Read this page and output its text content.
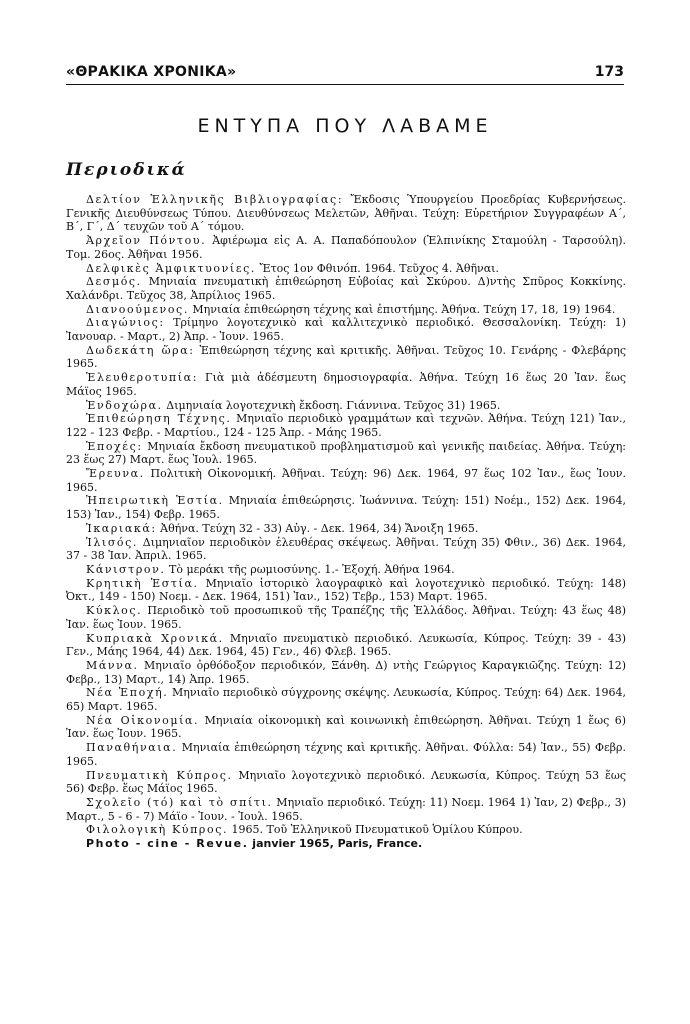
«ΘΡΑΚΙΚΑ ΧΡΟΝΙΚΑ»	173
ΕΝΤΥΠΑ ΠΟΥ ΛΑΒΑΜΕ
Περιοδικά
Δελτίον Ἑλληνικῆς Βιβλιογραφίας: Ἔκδοσις Ὑπουργείου Προεδρίας Κυβερνήσεως. Γενικῆς Διευθύνσεως Τύπου. Διευθύνσεως Μελετῶν, Ἀθῆναι. Τεύχη: Εὑρετήριον Συγγραφέων Α΄, Β΄, Γ΄, Δ΄ τευχῶν τοῦ Α΄ τόμου.
Ἀρχεῖον Πόντου. Ἀφιέρωμα εἰς Α. Α. Παπαδόπουλον (Ἐλπινίκης Σταμούλη - Ταρσούλη). Τομ. 26ος. Ἀθῆναι 1956.
Δελφικὲς Ἀμφικτυονίες. Ἔτος 1ον Φθινόπ. 1964. Τεῦχος 4. Ἀθῆναι.
Δεσμός. Μηνιαία πνευματικὴ ἐπιθεώρηση Εὐβοίας καὶ Σκύρου. Δ)ντὴς Σπῦρος Κοκκίνης. Χαλάνδρι. Τεῦχος 38, Ἀπρίλιος 1965.
Διανοούμενος. Μηνιαία ἐπιθεώρηση τέχνης καὶ ἐπιστήμης. Ἀθήνα. Τεύχη 17, 18, 19) 1964.
Διαγώνιος: Τρίμηνο λογοτεχνικὸ καὶ καλλιτεχνικὸ περιοδικό. Θεσσαλονίκη. Τεύχη: 1) Ἰανουαρ. - Μαρτ., 2) Ἀπρ. - Ἰουν. 1965.
Δωδεκάτη ὥρα: Ἐπιθεώρηση τέχνης καὶ κριτικῆς. Ἀθῆναι. Τεῦχος 10. Γενάρης - Φλεβάρης 1965.
Ἐλευθεροτυπία: Γιὰ μιὰ ἀδέσμευτη δημοσιογραφία. Ἀθήνα. Τεύχη 16 ἕως 20 Ἰαν. ἕως Μάϊος 1965.
Ἐνδοχώρα. Διμηνιαία λογοτεχνικὴ ἔκδοση. Γιάννινα. Τεῦχος 31) 1965.
Ἐπιθεώρηση Τέχνης. Μηνιαῖο περιοδικὸ γραμμάτων καὶ τεχνῶν. Ἀθήνα. Τεύχη 121) Ἰαν., 122 - 123 Φεβρ. - Μαρτίου., 124 - 125 Ἀπρ. - Μάης 1965.
Ἐποχές: Μηνιαία ἔκδοση πνευματικοῦ προβληματισμοῦ καὶ γενικῆς παιδείας. Ἀθήνα. Τεύχη: 23 ἕως 27) Μαρτ. ἕως Ἰουλ. 1965.
Ἔρευνα. Πολιτικὴ Οἰκονομική. Ἀθῆναι. Τεύχη: 96) Δεκ. 1964, 97 ἕως 102 Ἰαν., ἕως Ἰουν. 1965.
Ἠπειρωτικὴ Ἑστία. Μηνιαία ἐπιθεώρησις. Ἰωάννινα. Τεύχη: 151) Νοέμ., 152) Δεκ. 1964, 153) Ἰαν., 154) Φεβρ. 1965.
Ἰκαριακά: Ἀθήνα. Τεύχη 32 - 33) Αὐγ. - Δεκ. 1964, 34) Ἄνοιξη 1965.
Ἰλισός. Διμηνιαῖον περιοδικὸν ἐλευθέρας σκέψεως. Ἀθῆναι. Τεύχη 35) Φθιν., 36) Δεκ. 1964, 37 - 38 Ἰαν. Ἀπριλ. 1965.
Κάνιστρον. Τὸ μεράκι τῆς ρωμιοσύνης. 1.- Ἐξοχή. Ἀθήνα 1964.
Κρητικὴ Ἑστία. Μηνιαῖο ἱστορικὸ λαογραφικὸ καὶ λογοτεχνικὸ περιοδικό. Τεύχη: 148) Ὀκτ., 149 - 150) Νοεμ. - Δεκ. 1964, 151) Ἰαν., 152) Τεβρ., 153) Μαρτ. 1965.
Κύκλος. Περιοδικὸ τοῦ προσωπικοῦ τῆς Τραπέζης τῆς Ἑλλάδος. Ἀθῆναι. Τεύχη: 43 ἕως 48) Ἰαν. ἕως Ἰουν. 1965.
Κυπριακὰ Χρονικά. Μηνιαῖο πνευματικὸ περιοδικό. Λευκωσία, Κύπρος. Τεύχη: 39 - 43) Γεν., Μάης 1964, 44) Δεκ. 1964, 45) Γεν., 46) Φλεβ. 1965.
Μάννα. Μηνιαῖο ὀρθόδοξον περιοδικόν, Ξάνθη. Δ) ντὴς Γεώργιος Καραγκιῶζης. Τεύχη: 12) Φεβρ., 13) Μαρτ., 14) Ἀπρ. 1965.
Νέα Ἐποχή. Μηνιαῖο περιοδικὸ σύγχρονης σκέψης. Λευκωσία, Κύπρος. Τεύχη: 64) Δεκ. 1964, 65) Μαρτ. 1965.
Νέα Οἰκονομία. Μηνιαία οἰκονομικὴ καὶ κοινωνικὴ ἐπιθεώρηση. Ἀθῆναι. Τεύχη 1 ἕως 6) Ἰαν. ἕως Ἰουν. 1965.
Παναθήναια. Μηνιαία ἐπιθεώρηση τέχνης καὶ κριτικῆς. Ἀθῆναι. Φύλλα: 54) Ἰαν., 55) Φεβρ. 1965.
Πνευματικὴ Κύπρος. Μηνιαῖο λογοτεχνικὸ περιοδικό. Λευκωσία, Κύπρος. Τεύχη 53 ἕως 56) Φεβρ. ἕως Μάϊος 1965.
Σχολεῖο (τό) καὶ τὸ σπίτι. Μηνιαῖο περιοδικό. Τεύχη: 11) Νοεμ. 1964 1) Ἰαν, 2) Φεβρ., 3) Μαρτ., 5 - 6 - 7) Μάϊο - Ἰουν. - Ἰουλ. 1965.
Φιλολογικὴ Κύπρος. 1965. Τοῦ Ἑλληνικοῦ Πνευματικοῦ Ὁμίλου Κύπρου.
Photo - cine - Revue. janvier 1965, Paris, France.
